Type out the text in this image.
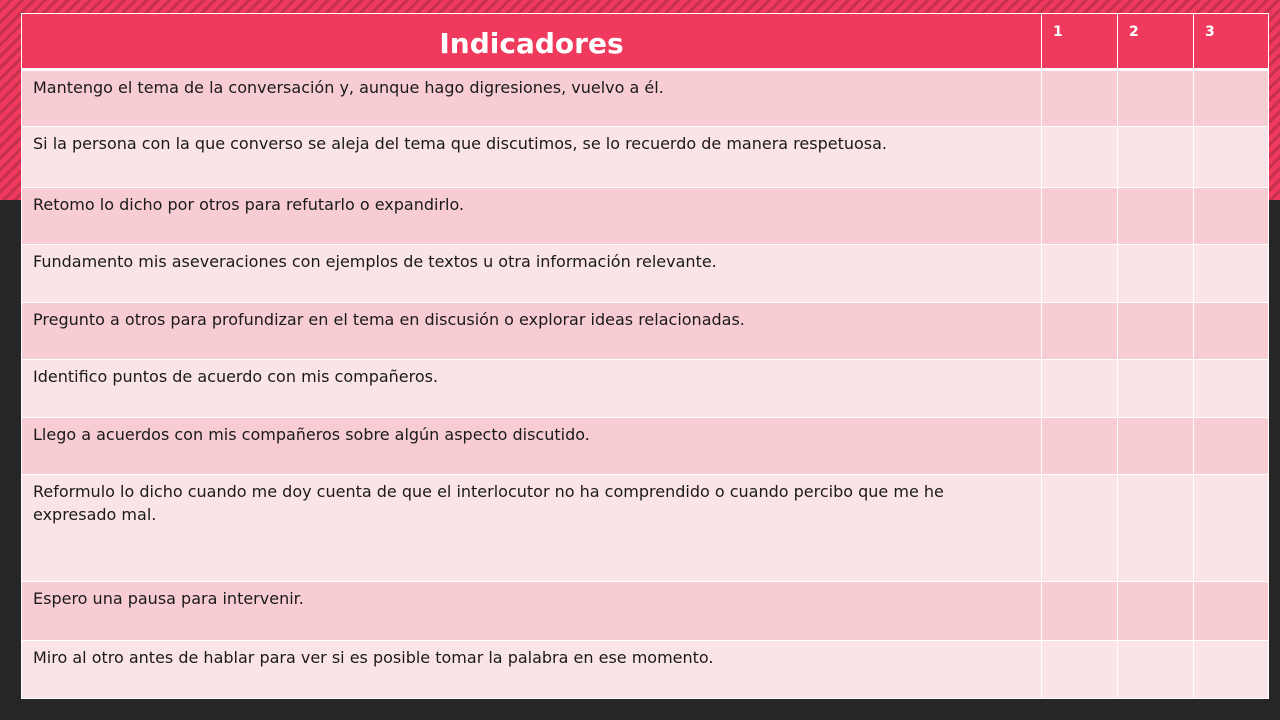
Indicadores	1	2	3
Mantengo el tema de la conversación y, aunque hago digresiones, vuelvo a él.			
Si la persona con la que converso se aleja del tema que discutimos, se lo recuerdo de manera respetuosa.			
Retomo lo dicho por otros para refutarlo o expandirlo.			
Fundamento mis aseveraciones con ejemplos de textos u otra información relevante.			
Pregunto a otros para profundizar en el tema en discusión o explorar ideas relacionadas.			
Identifico puntos de acuerdo con mis compañeros.			
Llego a acuerdos con mis compañeros sobre algún aspecto discutido.			
Reformulo lo dicho cuando me doy cuenta de que el interlocutor no ha comprendido o cuando percibo que me he expresado mal.			
Espero una pausa para intervenir.			
Miro al otro antes de hablar para ver si es posible tomar la palabra en ese momento.			
